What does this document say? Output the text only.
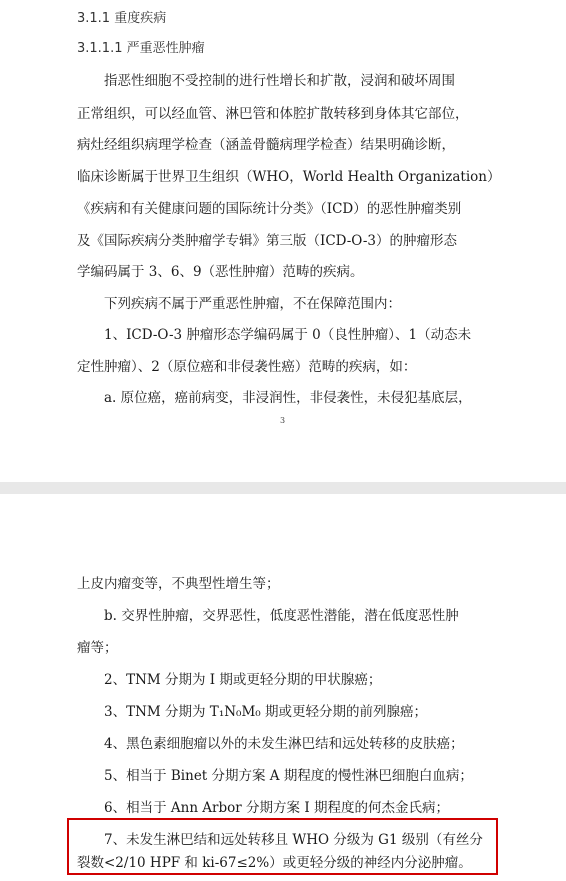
3.1.1 重度疾病
3.1.1.1 严重恶性肿瘤
指恶性细胞不受控制的进行性增长和扩散，浸润和破坏周围
正常组织，可以经血管、淋巴管和体腔扩散转移到身体其它部位，
病灶经组织病理学检查（涵盖骨髓病理学检查）结果明确诊断，
临床诊断属于世界卫生组织（WHO，World Health Organization）
《疾病和有关健康问题的国际统计分类》（ICD）的恶性肿瘤类别
及《国际疾病分类肿瘤学专辑》第三版（ICD-O-3）的肿瘤形态
学编码属于 3、6、9（恶性肿瘤）范畴的疾病。
下列疾病不属于严重恶性肿瘤，不在保障范围内：
1、ICD-O-3 肿瘤形态学编码属于 0（良性肿瘤）、1（动态未
定性肿瘤）、2（原位癌和非侵袭性癌）范畴的疾病，如：
a. 原位癌，癌前病变，非浸润性，非侵袭性，未侵犯基底层，
3
上皮内瘤变等，不典型性增生等；
b. 交界性肿瘤，交界恶性，低度恶性潜能，潜在低度恶性肿
瘤等；
2、TNM 分期为 I 期或更轻分期的甲状腺癌；
3、TNM 分期为 T₁N₀M₀ 期或更轻分期的前列腺癌；
4、黑色素细胞瘤以外的未发生淋巴结和远处转移的皮肤癌；
5、相当于 Binet 分期方案 A 期程度的慢性淋巴细胞白血病；
6、相当于 Ann Arbor 分期方案 I 期程度的何杰金氏病；
7、未发生淋巴结和远处转移且 WHO 分级为 G1 级别（有丝分
裂数<2/10 HPF 和 ki-67≤2%）或更轻分级的神经内分泌肿瘤。
